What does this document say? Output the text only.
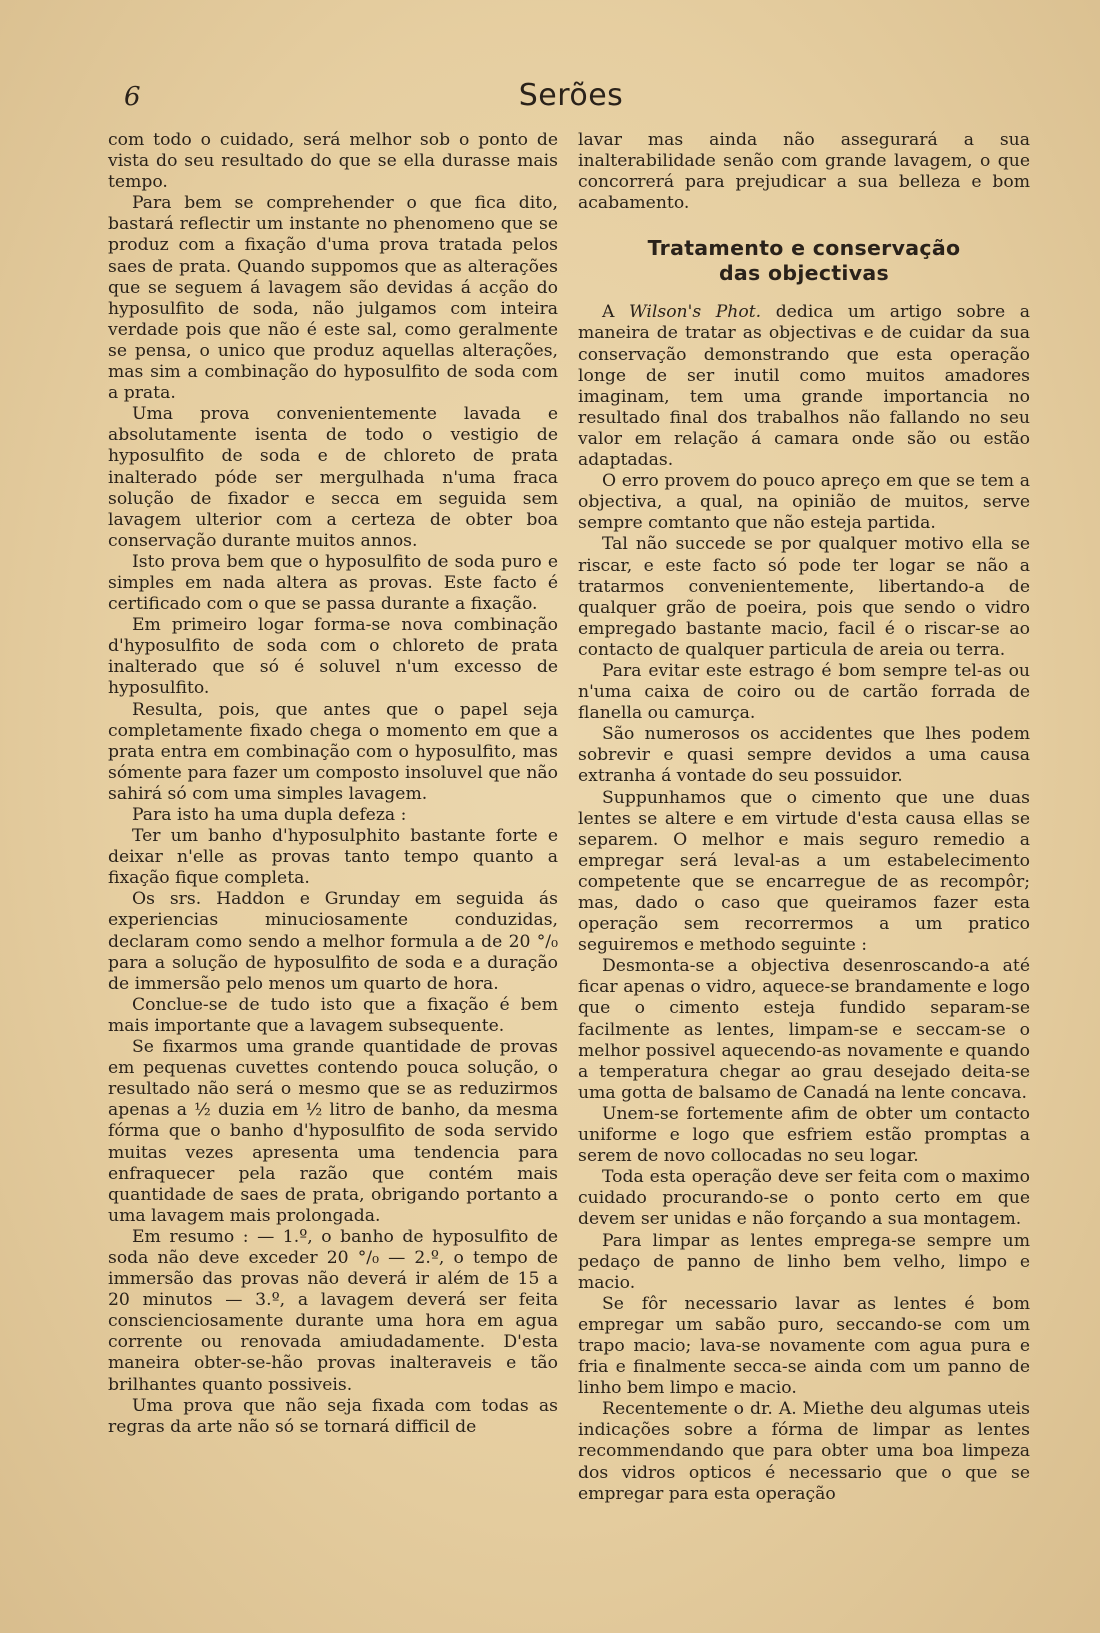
6	Serões

com todo o cuidado, será melhor sob o ponto de vista do seu resultado do que se ella durasse mais tempo.

Para bem se comprehender o que fica dito, bastará reflectir um instante no phenomeno que se produz com a fixação d'uma prova tratada pelos saes de prata. Quando suppomos que as alterações que se seguem á lavagem são devidas á acção do hyposulfito de soda, não julgamos com inteira verdade pois que não é este sal, como geralmente se pensa, o unico que produz aquellas alterações, mas sim a combinação do hyposulfito de soda com a prata.

Uma prova convenientemente lavada e absolutamente isenta de todo o vestigio de hyposulfito de soda e de chloreto de prata inalterado póde ser mergulhada n'uma fraca solução de fixador e secca em seguida sem lavagem ulterior com a certeza de obter boa conservação durante muitos annos.

Isto prova bem que o hyposulfito de soda puro e simples em nada altera as provas. Este facto é certificado com o que se passa durante a fixação.

Em primeiro logar forma-se nova combinação d'hyposulfito de soda com o chloreto de prata inalterado que só é soluvel n'um excesso de hyposulfito.

Resulta, pois, que antes que o papel seja completamente fixado chega o momento em que a prata entra em combinação com o hyposulfito, mas sómente para fazer um composto insoluvel que não sahirá só com uma simples lavagem.

Para isto ha uma dupla defeza :

Ter um banho d'hyposulphito bastante forte e deixar n'elle as provas tanto tempo quanto a fixação fique completa.

Os srs. Haddon e Grunday em seguida ás experiencias minuciosamente conduzidas, declaram como sendo a melhor formula a de 20 °/₀ para a solução de hyposulfito de soda e a duração de immersão pelo menos um quarto de hora.

Conclue-se de tudo isto que a fixação é bem mais importante que a lavagem subsequente.

Se fixarmos uma grande quantidade de provas em pequenas cuvettes contendo pouca solução, o resultado não será o mesmo que se as reduzirmos apenas a ½ duzia em ½ litro de banho, da mesma fórma que o banho d'hyposulfito de soda servido muitas vezes apresenta uma tendencia para enfraquecer pela razão que contém mais quantidade de saes de prata, obrigando portanto a uma lavagem mais prolongada.

Em resumo : — 1.º, o banho de hyposulfito de soda não deve exceder 20 °/₀ — 2.º, o tempo de immersão das provas não deverá ir além de 15 a 20 minutos — 3.º, a lavagem deverá ser feita conscienciosamente durante uma hora em agua corrente ou renovada amiudadamente. D'esta maneira obter-se-hão provas inalteraveis e tão brilhantes quanto possiveis.

Uma prova que não seja fixada com todas as regras da arte não só se tornará difficil de

lavar mas ainda não assegurará a sua inalterabilidade senão com grande lavagem, o que concorrerá para prejudicar a sua belleza e bom acabamento.

Tratamento e conservação
das objectivas

A Wilson's Phot. dedica um artigo sobre a maneira de tratar as objectivas e de cuidar da sua conservação demonstrando que esta operação longe de ser inutil como muitos amadores imaginam, tem uma grande importancia no resultado final dos trabalhos não fallando no seu valor em relação á camara onde são ou estão adaptadas.

O erro provem do pouco apreço em que se tem a objectiva, a qual, na opinião de muitos, serve sempre comtanto que não esteja partida.

Tal não succede se por qualquer motivo ella se riscar, e este facto só pode ter logar se não a tratarmos convenientemente, libertando-a de qualquer grão de poeira, pois que sendo o vidro empregado bastante macio, facil é o riscar-se ao contacto de qualquer particula de areia ou terra.

Para evitar este estrago é bom sempre tel-as ou n'uma caixa de coiro ou de cartão forrada de flanella ou camurça.

São numerosos os accidentes que lhes podem sobrevir e quasi sempre devidos a uma causa extranha á vontade do seu possuidor.

Suppunhamos que o cimento que une duas lentes se altere e em virtude d'esta causa ellas se separem. O melhor e mais seguro remedio a empregar será leval-as a um estabelecimento competente que se encarregue de as recompôr; mas, dado o caso que queiramos fazer esta operação sem recorrermos a um pratico seguiremos e methodo seguinte :

Desmonta-se a objectiva desenroscando-a até ficar apenas o vidro, aquece-se brandamente e logo que o cimento esteja fundido separam-se facilmente as lentes, limpam-se e seccam-se o melhor possivel aquecendo-as novamente e quando a temperatura chegar ao grau desejado deita-se uma gotta de balsamo de Canadá na lente concava.

Unem-se fortemente afim de obter um contacto uniforme e logo que esfriem estão promptas a serem de novo collocadas no seu logar.

Toda esta operação deve ser feita com o maximo cuidado procurando-se o ponto certo em que devem ser unidas e não forçando a sua montagem.

Para limpar as lentes emprega-se sempre um pedaço de panno de linho bem velho, limpo e macio.

Se fôr necessario lavar as lentes é bom empregar um sabão puro, seccando-se com um trapo macio; lava-se novamente com agua pura e fria e finalmente secca-se ainda com um panno de linho bem limpo e macio.

Recentemente o dr. A. Miethe deu algumas uteis indicações sobre a fórma de limpar as lentes recommendando que para obter uma boa limpeza dos vidros opticos é necessario que o que se empregar para esta operação
